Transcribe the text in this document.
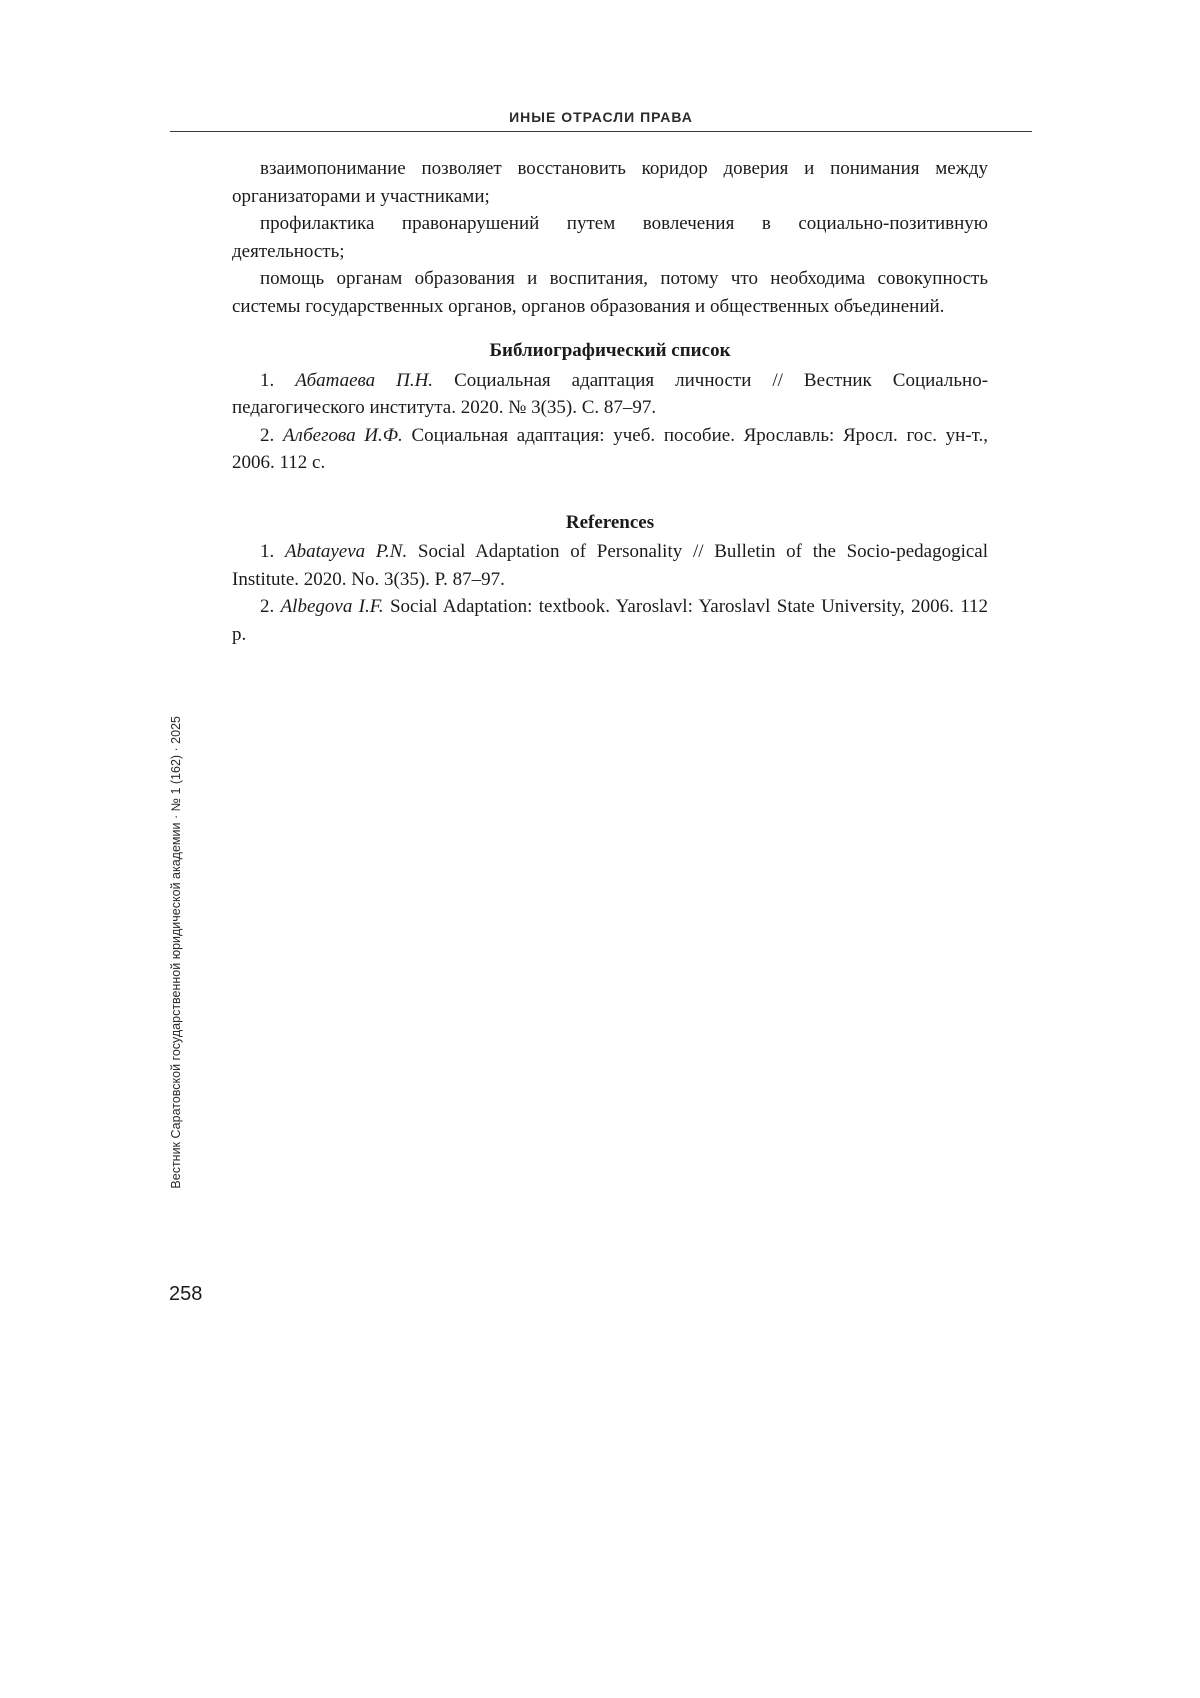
ИНЫЕ ОТРАСЛИ ПРАВА

взаимопонимание позволяет восстановить коридор доверия и понимания между организаторами и участниками;

профилактика правонарушений путем вовлечения в социально-позитивную деятельность;

помощь органам образования и воспитания, потому что необходима совокупность системы государственных органов, органов образования и общественных объединений.

Библиографический список

1. Абатаева П.Н. Социальная адаптация личности // Вестник Социально-педагогического института. 2020. № 3(35). С. 87–97.

2. Албегова И.Ф. Социальная адаптация: учеб. пособие. Ярославль: Яросл. гос. ун-т., 2006. 112 с.

References

1. Abatayeva P.N. Social Adaptation of Personality // Bulletin of the Socio-pedagogical Institute. 2020. No. 3(35). P. 87–97.

2. Albegova I.F. Social Adaptation: textbook. Yaroslavl: Yaroslavl State University, 2006. 112 p.

Вестник Саратовской государственной юридической академии · № 1 (162) · 2025
258
